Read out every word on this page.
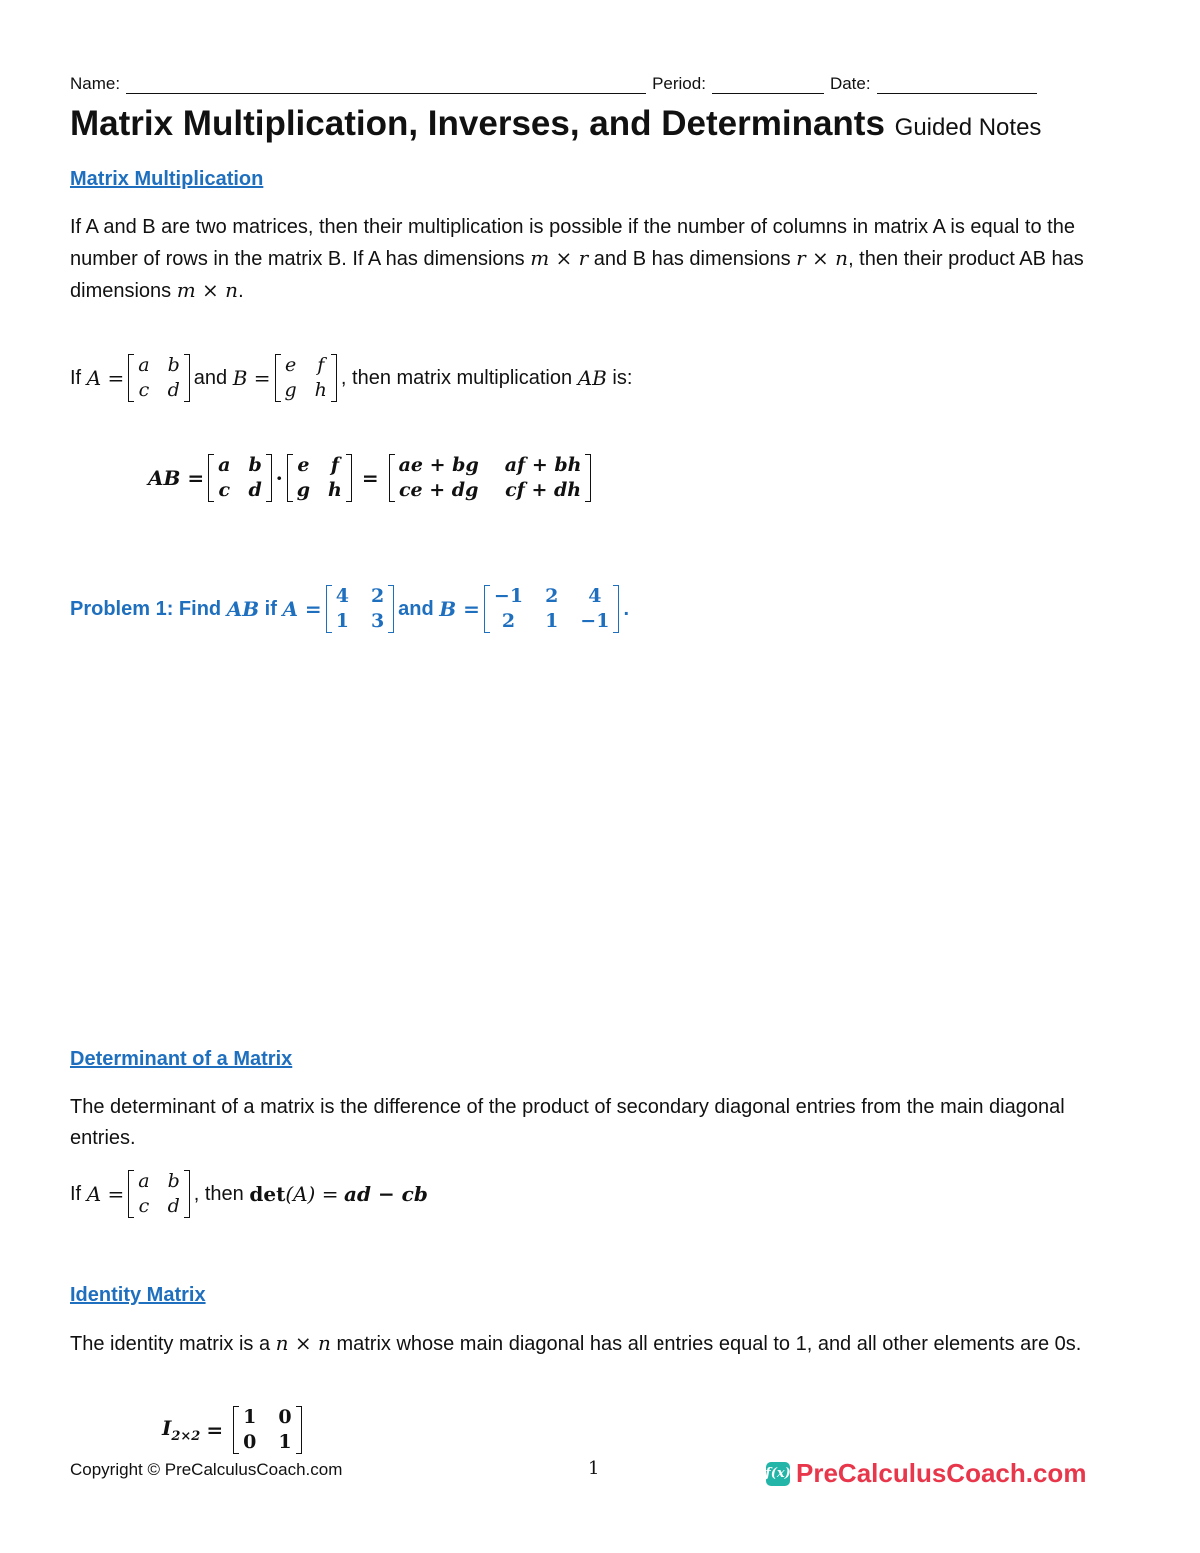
Name:	Period:	Date:
Matrix Multiplication, Inverses, and Determinants Guided Notes
Matrix Multiplication
If A and B are two matrices, then their multiplication is possible if the number of columns in matrix A is equal to the number of rows in the matrix B. If A has dimensions m × r and B has dimensions r × n, then their product AB has dimensions m × n.
If
A =
a b
c d
and
B =
e f
g h
, then matrix multiplication
AB
is:
AB =
a b
c d ·
e f
g h =
ae + bg af + bh
ce + dg cf + dh
Problem 1: Find
AB
if
A =
4 2
1 3
and
B =
−1 2	4
2	1 −1
.
Determinant of a Matrix
The determinant of a matrix is the difference of the product of secondary diagonal entries from the main diagonal entries.
If
A =
a b
c d
, then
det (A) =
ad − cb
Identity Matrix
The identity matrix is a n × n matrix whose main diagonal has all entries equal to 1, and all other elements are 0s.
$I_{2\times 2}$ =
1 0
0 1
Copyright © PreCalculusCoach.com	1	f(x) PreCalculusCoach.com
